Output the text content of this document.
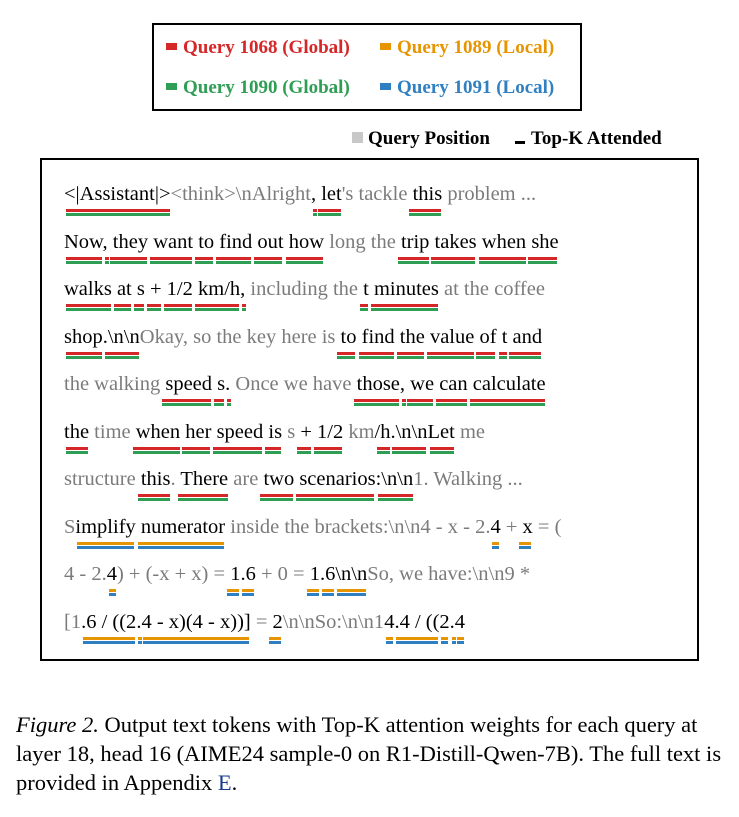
Query 1068 (Global)	Query 1089 (Local)
Query 1090 (Global)	Query 1091 (Local)
Query Position	Top-K Attended
<|Assistant|><think>\nAlright, let's tackle this problem ...
Now, they want to find out how long the trip takes when she
walks at s + 1/2 km/h, including the t minutes at the coffee
shop.\n\nOkay, so the key here is to find the value of t and
the walking speed s. Once we have those, we can calculate
the time when her speed is s + 1/2 km/h.\n\nLet me
structure this. There are two scenarios:\n\n1. Walking ...
Simplify numerator inside the brackets:\n\n4 - x - 2.4 + x = (
4 - 2.4) + (-x + x) = 1.6 + 0 = 1.6\n\nSo, we have:\n\n9 *
[1.6 / ((2.4 - x)(4 - x))] = 2\n\nSo:\n\n14.4 / ((2.4
Figure 2. Output text tokens with Top-K attention weights for each query at layer 18, head 16 (AIME24 sample-0 on R1-Distill-Qwen-7B). The full text is provided in Appendix E.
